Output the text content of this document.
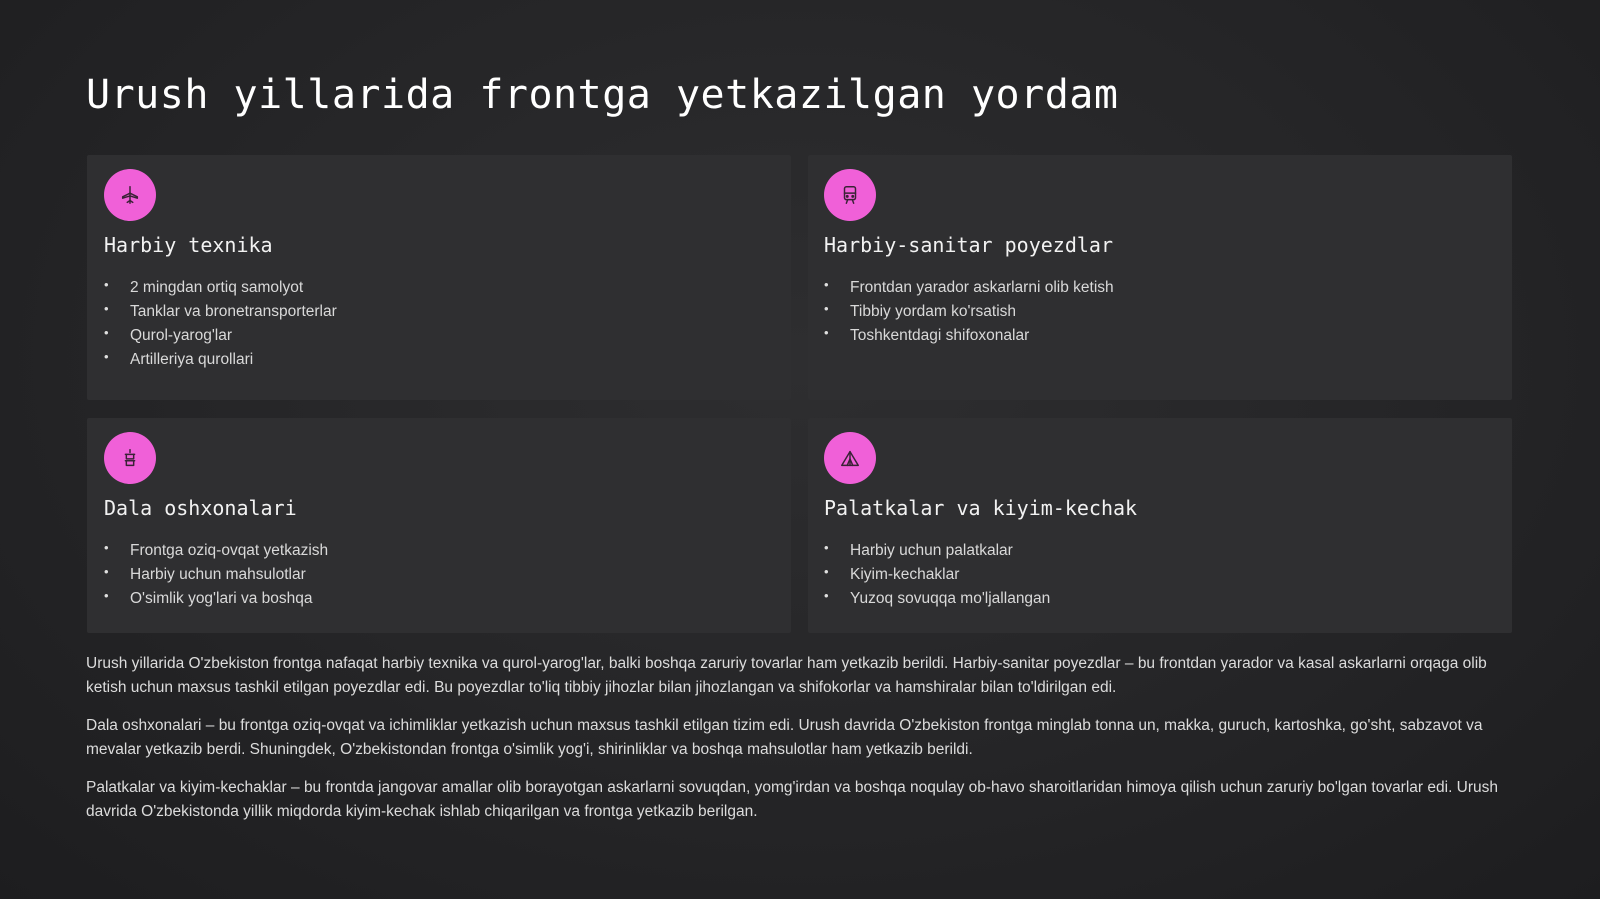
Urush yillarida frontga yetkazilgan yordam
Harbiy texnika
• 2 mingdan ortiq samolyot
• Tanklar va bronetransporterlar
• Qurol-yarog'lar
• Artilleriya qurollari
Harbiy-sanitar poyezdlar
• Frontdan yarador askarlarni olib ketish
• Tibbiy yordam ko'rsatish
• Toshkentdagi shifoxonalar
Dala oshxonalari
• Frontga oziq-ovqat yetkazish
• Harbiy uchun mahsulotlar
• O'simlik yog'lari va boshqa
Palatkalar va kiyim-kechak
• Harbiy uchun palatkalar
• Kiyim-kechaklar
• Yuzoq sovuqqa mo'ljallangan

Urush yillarida O'zbekiston frontga nafaqat harbiy texnika va qurol-yarog'lar, balki boshqa zaruriy tovarlar ham yetkazib berildi. Harbiy-sanitar poyezdlar – bu frontdan yarador va kasal askarlarni orqaga olib ketish uchun maxsus tashkil etilgan poyezdlar edi. Bu poyezdlar to'liq tibbiy jihozlar bilan jihozlangan va shifokorlar va hamshiralar bilan to'ldirilgan edi.

Dala oshxonalari – bu frontga oziq-ovqat va ichimliklar yetkazish uchun maxsus tashkil etilgan tizim edi. Urush davrida O'zbekiston frontga minglab tonna un, makka, guruch, kartoshka, go'sht, sabzavot va mevalar yetkazib berdi. Shuningdek, O'zbekistondan frontga o'simlik yog'i, shirinliklar va boshqa mahsulotlar ham yetkazib berildi.

Palatkalar va kiyim-kechaklar – bu frontda jangovar amallar olib borayotgan askarlarni sovuqdan, yomg'irdan va boshqa noqulay ob-havo sharoitlaridan himoya qilish uchun zaruriy bo'lgan tovarlar edi. Urush davrida O'zbekistonda yillik miqdorda kiyim-kechak ishlab chiqarilgan va frontga yetkazib berilgan.
